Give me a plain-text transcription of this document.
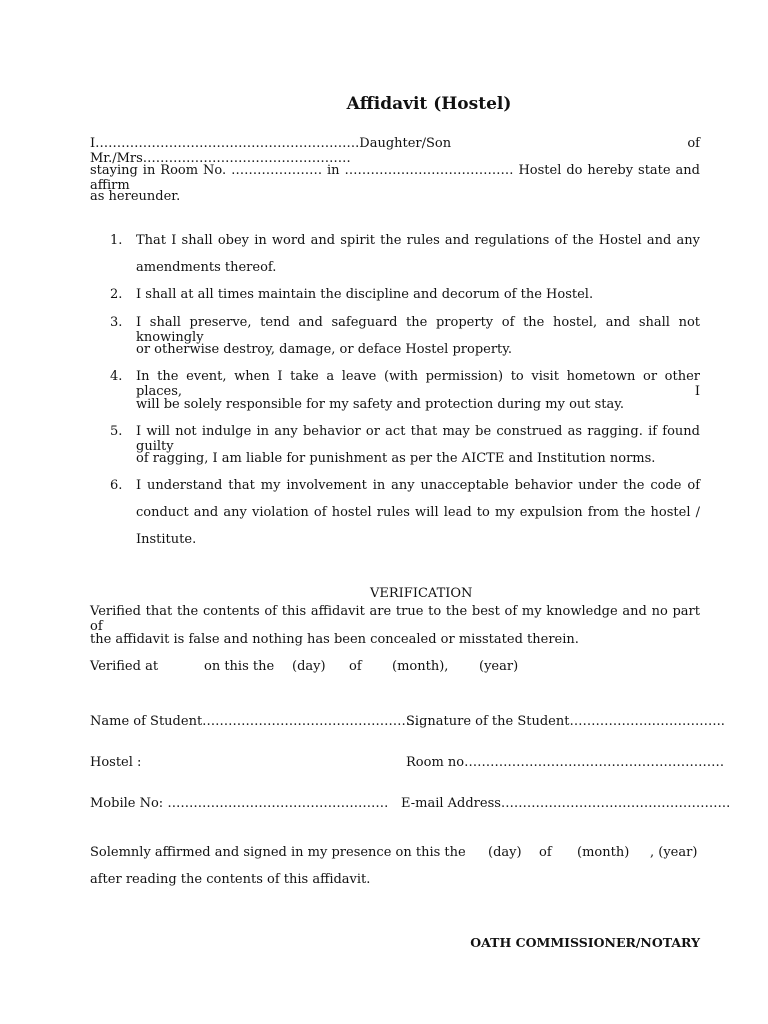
Affidavit (Hostel)
I…………………………………………………….Daughter/Son of Mr./Mrs…………………………………………
staying in Room No. ………………… in ………………………………… Hostel do hereby state and affirm
as hereunder.
1. That I shall obey in word and spirit the rules and regulations of the Hostel and any
amendments thereof.
2. I shall at all times maintain the discipline and decorum of the Hostel.
3. I shall preserve, tend and safeguard the property of the hostel, and shall not knowingly
or otherwise destroy, damage, or deface Hostel property.
4. In the event, when I take a leave (with permission) to visit hometown or other places, I
will be solely responsible for my safety and protection during my out stay.
5. I will not indulge in any behavior or act that may be construed as ragging. if found guilty
of ragging, I am liable for punishment as per the AICTE and Institution norms.
6. I understand that my involvement in any unacceptable behavior under the code of
conduct and any violation of hostel rules will lead to my expulsion from the hostel /
Institute.
VERIFICATION
Verified that the contents of this affidavit are true to the best of my knowledge and no part of
the affidavit is false and nothing has been concealed or misstated therein.
Verified at	on this the (day) of (month), (year)
Name of Student……………………………………………
Signature of the Student……………….……………..
Hostel :	Room no……………………………………………………
Mobile No: …………………………………………… E-mail Address……………………………………………..
Solemnly affirmed and signed in my presence on this the (day) of (month) , (year)
after reading the contents of this affidavit.
OATH COMMISSIONER/NOTARY
